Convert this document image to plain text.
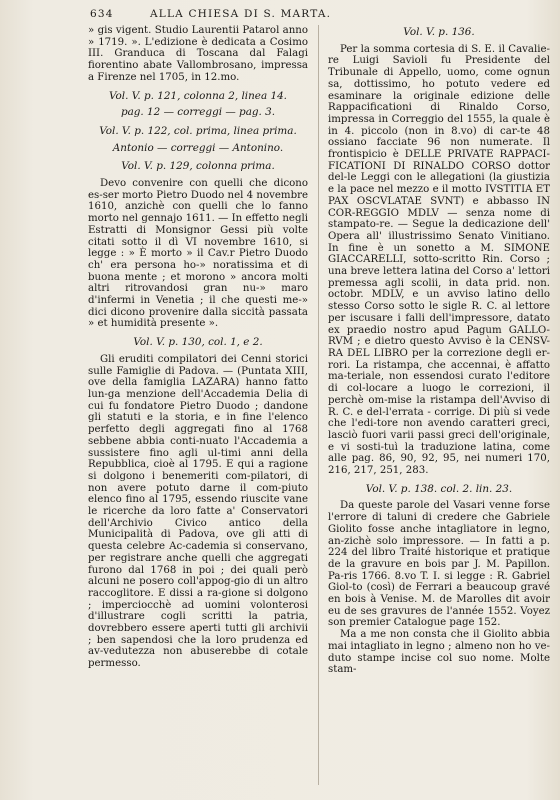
634	ALLA CHIESA DI S. MARTA.

» gis vigent. Studio Laurentii Patarol anno » 1719. ». L'edizione è dedicata a Cosimo III. Granduca di Toscana dal Falagi fiorentino abate Vallombrosano, impressa a Firenze nel 1705, in 12.mo.

Vol. V. p. 121, colonna 2, linea 14.
pag. 12 — correggi — pag. 3.
Vol. V. p. 122, col. prima, linea prima.
Antonio — correggi — Antonino.
Vol. V. p. 129, colonna prima.

Devo convenire con quelli che dicono es-ser morto Pietro Duodo nel 4 novembre 1610, anzichè con quelli che lo fanno morto nel gennajo 1611. — In effetto negli Estratti di Monsignor Gessi più volte citati sotto il dì VI novembre 1610, si legge : » È morto » il Cav.r Pietro Duodo ch' era persona ho-» noratissima et di buona mente ; et morono » ancora molti altri ritrovandosi gran nu-» maro d'infermi in Venetia ; il che questi me-» dici dicono provenire dalla siccità passata » et humidità presente ».

Vol. V. p. 130, col. 1, e 2.

Gli eruditi compilatori dei Cenni storici sulle Famiglie di Padova. — (Puntata XIII, ove della famiglia LAZARA) hanno fatto lun-ga menzione dell'Accademia Delia di cui fu fondatore Pietro Duodo ; dandone gli statuti e la storia, e in fine l'elenco perfetto degli aggregati fino al 1768 sebbene abbia conti-nuato l'Accademia a sussistere fino agli ul-timi anni della Repubblica, cioè al 1795. E qui a ragione si dolgono i benemeriti com-pilatori, di non avere potuto darne il com-piuto elenco fino al 1795, essendo riuscite vane le ricerche da loro fatte a' Conservatori dell'Archivio Civico antico della Municipalità di Padova, ove gli atti di questa celebre Ac-cademia si conservano, per registrare anche quelli che aggregati furono dal 1768 in poi ; dei quali però alcuni ne posero coll'appog-gio di un altro raccoglitore. E dissi a ra-gione si dolgono ; imperciocchè ad uomini volonterosi d'illustrare cogli scritti la patria, dovrebbero essere aperti tutti gli archivii ; ben sapendosi che la loro prudenza ed av-vedutezza non abuserebbe di cotale permesso.

Vol. V. p. 136.

Per la somma cortesia di S. E. il Cavalie-re Luigi Savioli fu Presidente del Tribunale di Appello, uomo, come ognun sa, dottissimo, ho potuto vedere ed esaminare la originale edizione delle Rappacificationi di Rinaldo Corso, impressa in Correggio del 1555, la quale è in 4. piccolo (non in 8.vo) di car-te 48 ossiano facciate 96 non numerate. Il frontispicio è DELLE PRIVATE RAPPACI-FICATIONI DI RINALDO CORSO dottor del-le Leggi con le allegationi (la giustizia e la pace nel mezzo e il motto IVSTITIA ET PAX OSCVLATAE SVNT) e abbasso IN COR-REGGIO MDLV — senza nome di stampato-re. — Segue la dedicazione dell' Opera all' illustrissimo Senato Vinitiano. In fine è un sonetto a M. SIMONE GIACCARELLI, sotto-scritto Rin. Corso ; una breve lettera latina del Corso a' lettori premessa agli scolii, in data prid. non. octobr. MDLV, e un avviso latino dello stesso Corso sotto le sigle R. C. al lettore per iscusare i falli dell'impressore, datato ex praedio nostro apud Pagum GALLO-RVM ; e dietro questo Avviso è la CENSV-RA DEL LIBRO per la correzione degli er-rori. La ristampa, che accennai, è affatto ma-teriale, non essendosi curato l'editore di col-locare a luogo le correzioni, il perchè om-mise la ristampa dell'Avviso di R. C. e del-l'errata - corrige. Di più si vede che l'edi-tore non avendo caratteri greci, lasciò fuori varii passi greci dell'originale, e vi sosti-tuì la traduzione latina, come alle pag. 86, 90, 92, 95, nei numeri 170, 216, 217, 251, 283.

Vol. V. p. 138. col. 2. lin. 23.

Da queste parole del Vasari venne forse l'errore di taluni di credere che Gabriele Giolito fosse anche intagliatore in legno, an-zichè solo impressore. — In fatti a p. 224 del libro Traité historique et pratique de la gravure en bois par J. M. Papillon. Pa-ris 1766. 8.vo T. I. si legge : R. Gabriel Giol-to (così) de Ferrari a beaucoup gravé en bois à Venise. M. de Marolles dit avoir eu de ses gravures de l'année 1552. Voyez son premier Catalogue page 152.

Ma a me non consta che il Giolito abbia mai intagliato in legno ; almeno non ho ve-duto stampe incise col suo nome. Molte stam-
